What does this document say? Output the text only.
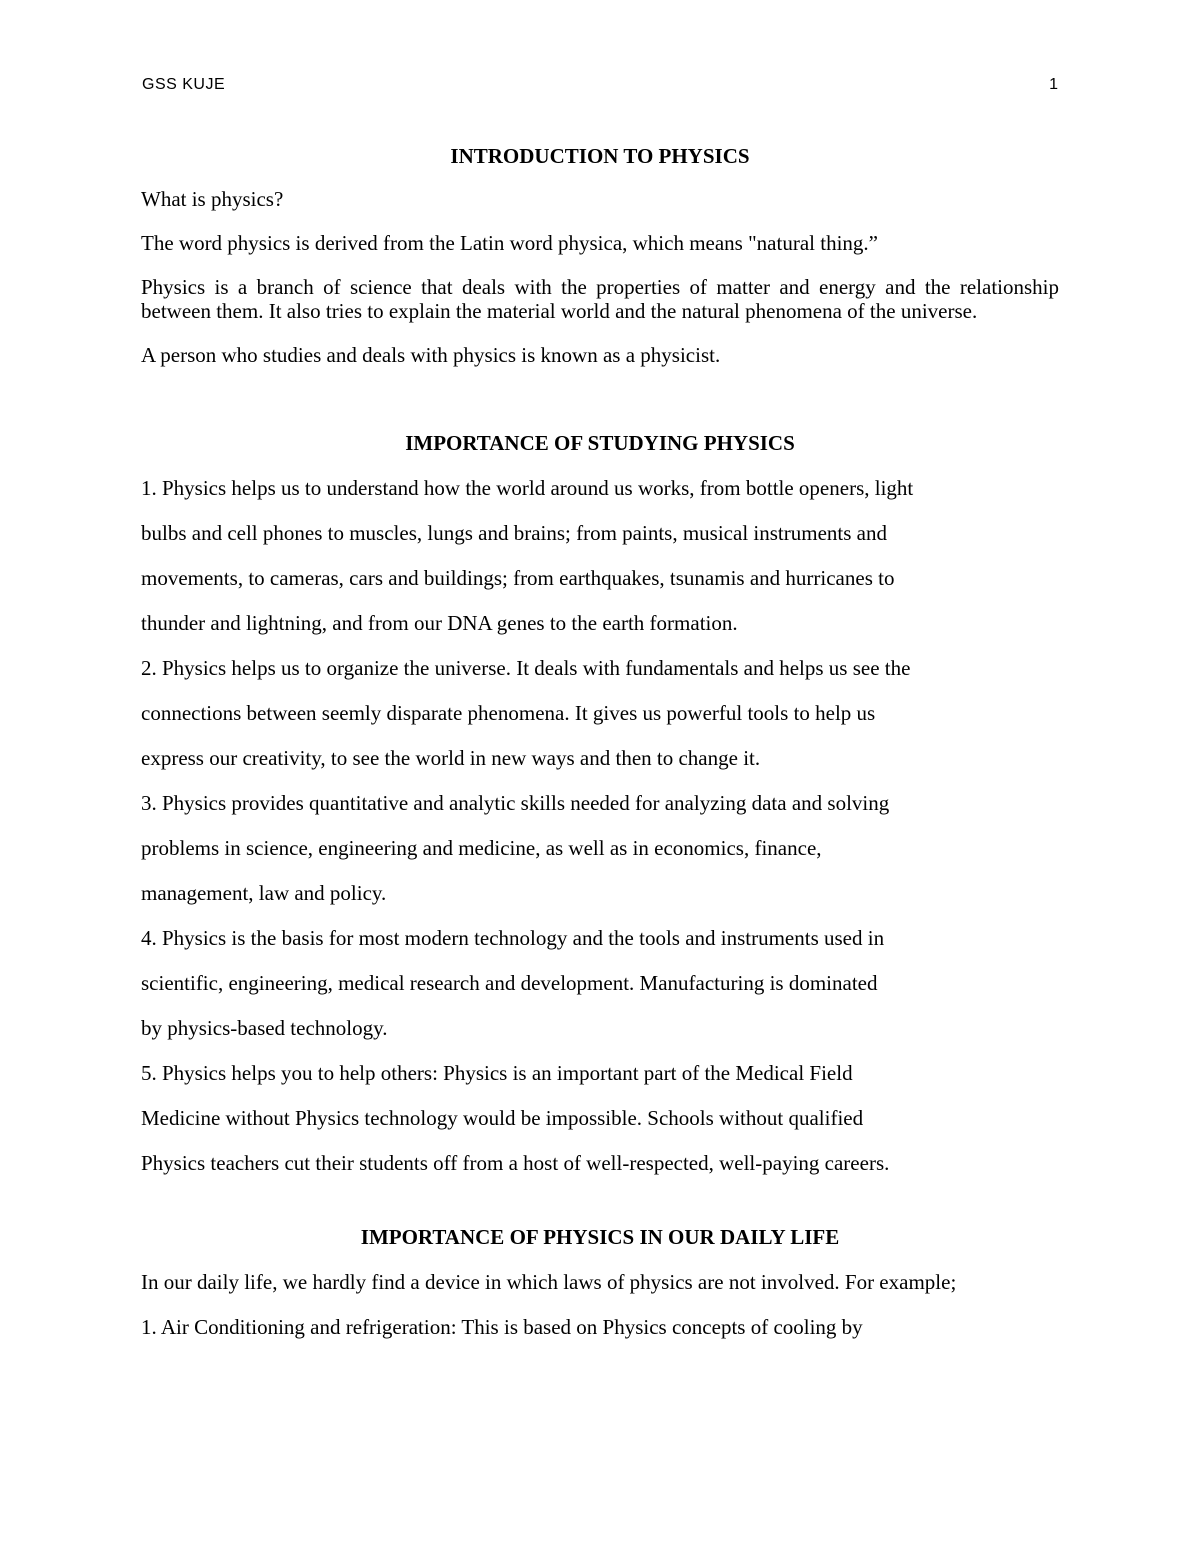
GSS KUJE	1
INTRODUCTION TO PHYSICS

What is physics?

The word physics is derived from the Latin word physica, which means "natural thing.”

Physics is a branch of science that deals with the properties of matter and energy and the relationship between them. It also tries to explain the material world and the natural phenomena of the universe.

A person who studies and deals with physics is known as a physicist.

IMPORTANCE OF STUDYING PHYSICS
1. Physics helps us to understand how the world around us works, from bottle openers, light
bulbs and cell phones to muscles, lungs and brains; from paints, musical instruments and
movements, to cameras, cars and buildings; from earthquakes, tsunamis and hurricanes to
thunder and lightning, and from our DNA genes to the earth formation.
2. Physics helps us to organize the universe. It deals with fundamentals and helps us see the
connections between seemly disparate phenomena. It gives us powerful tools to help us
express our creativity, to see the world in new ways and then to change it.
3. Physics provides quantitative and analytic skills needed for analyzing data and solving
problems in science, engineering and medicine, as well as in economics, finance,
management, law and policy.
4. Physics is the basis for most modern technology and the tools and instruments used in
scientific, engineering, medical research and development. Manufacturing is dominated
by physics-based technology.
5. Physics helps you to help others: Physics is an important part of the Medical Field
Medicine without Physics technology would be impossible. Schools without qualified
Physics teachers cut their students off from a host of well-respected, well-paying careers.
IMPORTANCE OF PHYSICS IN OUR DAILY LIFE
In our daily life, we hardly find a device in which laws of physics are not involved. For example;
1. Air Conditioning and refrigeration: This is based on Physics concepts of cooling by
